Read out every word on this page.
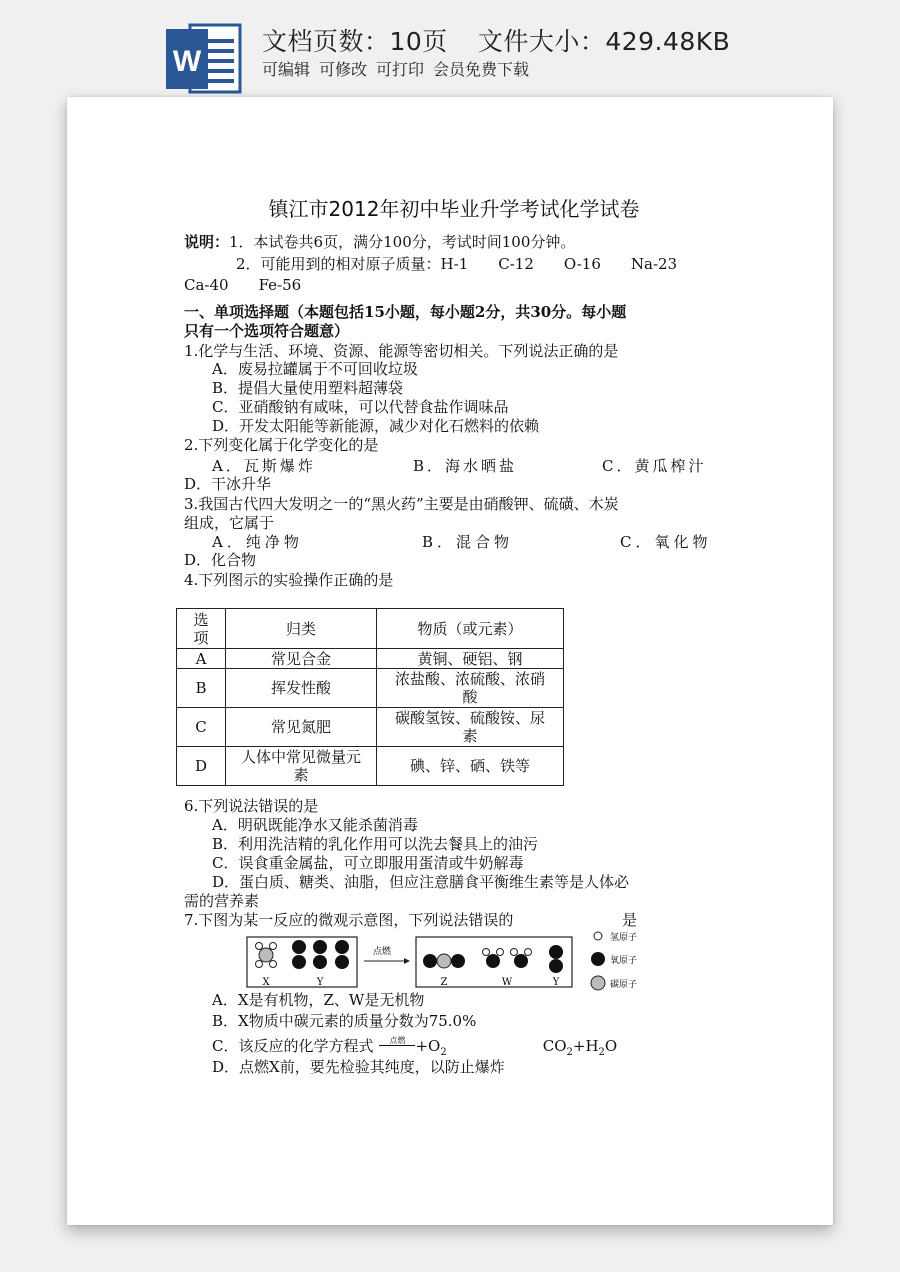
W
文档页数：10页 文件大小：429.48KB
可编辑 可修改 可打印 会员免费下载
镇江市2012年初中毕业升学考试化学试卷
说明：1．本试卷共6页，满分100分，考试时间100分钟。
2．可能用到的相对原子质量：H-1　　C-12　　O-16　　Na-23
Ca-40　　Fe-56
一、单项选择题（本题包括15小题，每小题2分，共30分。每小题
只有一个选项符合题意）
1.化学与生活、环境、资源、能源等密切相关。下列说法正确的是
A．废易拉罐属于不可回收垃圾
B．提倡大量使用塑料超薄袋
C．亚硝酸钠有咸味，可以代替食盐作调味品
D．开发太阳能等新能源，减少对化石燃料的依赖
2.下列变化属于化学变化的是
A．瓦斯爆炸	B．海水晒盐	C．黄瓜榨汁
D．干冰升华
3.我国古代四大发明之一的“黑火药”主要是由硝酸钾、硫磺、木炭
组成，它属于
A．纯净物	B．混合物	C．氧化物
D．化合物
4.下列图示的实验操作正确的是
选项	归类	物质（或元素）
A	常见合金	黄铜、硬铝、钢
B	挥发性酸	浓盐酸、浓硫酸、浓硝酸

C	常见氮肥	碳酸氢铵、硫酸铵、尿素

D	人体中常见微量元素	碘、锌、硒、铁等
6.下列说法错误的是
A．明矾既能净水又能杀菌消毒
B．利用洗洁精的乳化作用可以洗去餐具上的油污
C．误食重金属盐，可立即服用蛋清或牛奶解毒
D．蛋白质、糖类、油脂，但应注意膳食平衡维生素等是人体必
需的营养素
7.下图为某一反应的微观示意图，下列说法错误的	是
A．X是有机物，Z、W是无机物
B．X物质中碳元素的质量分数为75.0%
C．该反应的化学方程式 点燃 $+O_2$	$CO_2+H_2O$
D．点燃X前，要先检验其纯度，以防止爆炸
X	Y
点燃
Z	W	Y
氢原子
氧原子
碳原子
